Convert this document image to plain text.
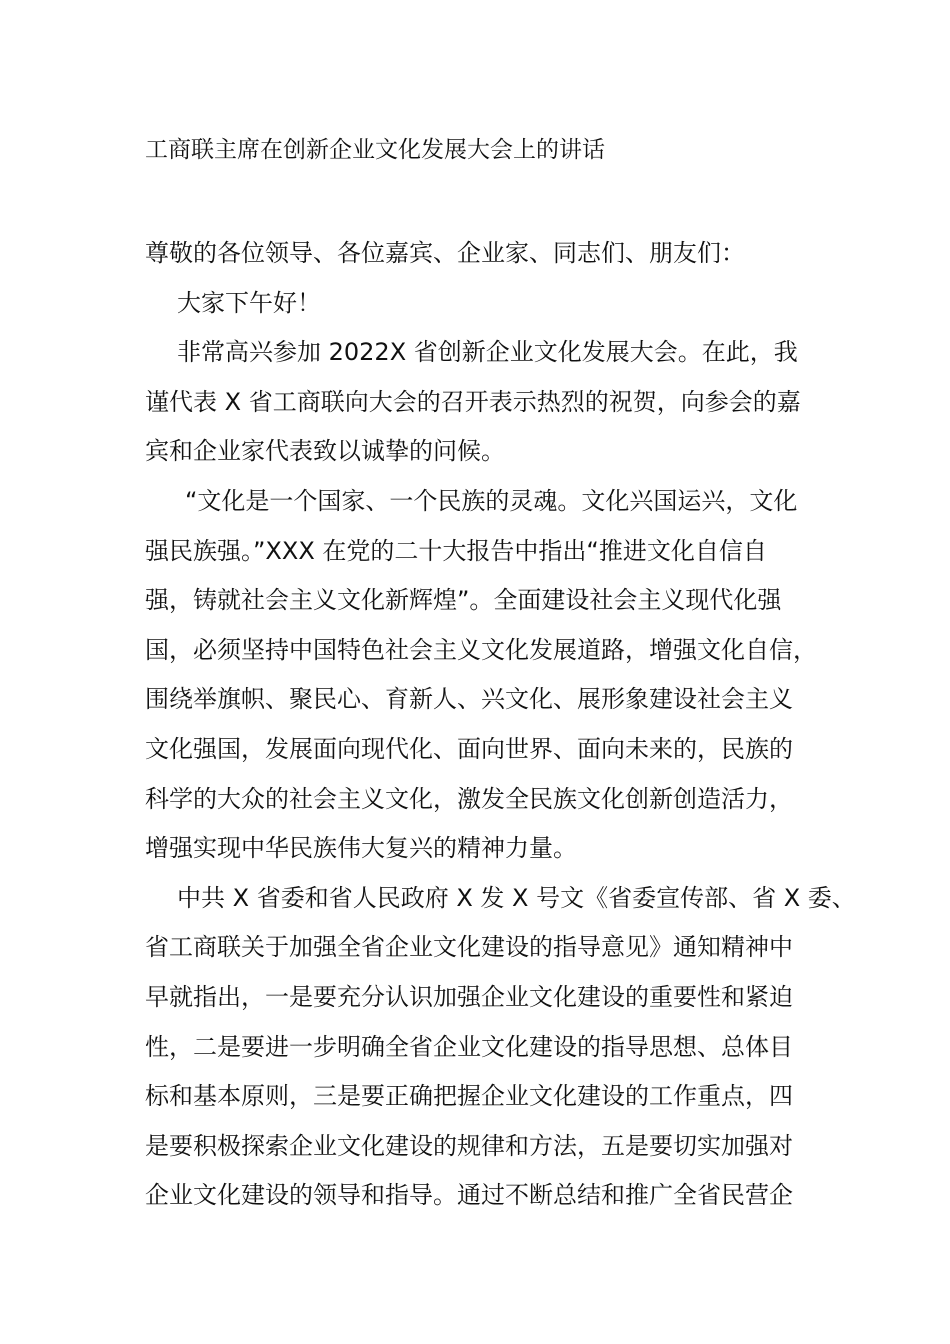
工商联主席在创新企业文化发展大会上的讲话
尊敬的各位领导、各位嘉宾、企业家、同志们、朋友们：
大家下午好！
非常高兴参加 2022X 省创新企业文化发展大会。在此，我
谨代表 X 省工商联向大会的召开表示热烈的祝贺，向参会的嘉
宾和企业家代表致以诚挚的问候。
“文化是一个国家、一个民族的灵魂。文化兴国运兴，文化
强民族强。”XXX 在党的二十大报告中指出“推进文化自信自
强，铸就社会主义文化新辉煌”。全面建设社会主义现代化强
国，必须坚持中国特色社会主义文化发展道路，增强文化自信，
围绕举旗帜、聚民心、育新人、兴文化、展形象建设社会主义
文化强国，发展面向现代化、面向世界、面向未来的，民族的
科学的大众的社会主义文化，激发全民族文化创新创造活力，
增强实现中华民族伟大复兴的精神力量。
中共 X 省委和省人民政府 X 发 X 号文《省委宣传部、省 X 委、
省工商联关于加强全省企业文化建设的指导意见》通知精神中
早就指出，一是要充分认识加强企业文化建设的重要性和紧迫
性，二是要进一步明确全省企业文化建设的指导思想、总体目
标和基本原则，三是要正确把握企业文化建设的工作重点，四
是要积极探索企业文化建设的规律和方法，五是要切实加强对
企业文化建设的领导和指导。通过不断总结和推广全省民营企
